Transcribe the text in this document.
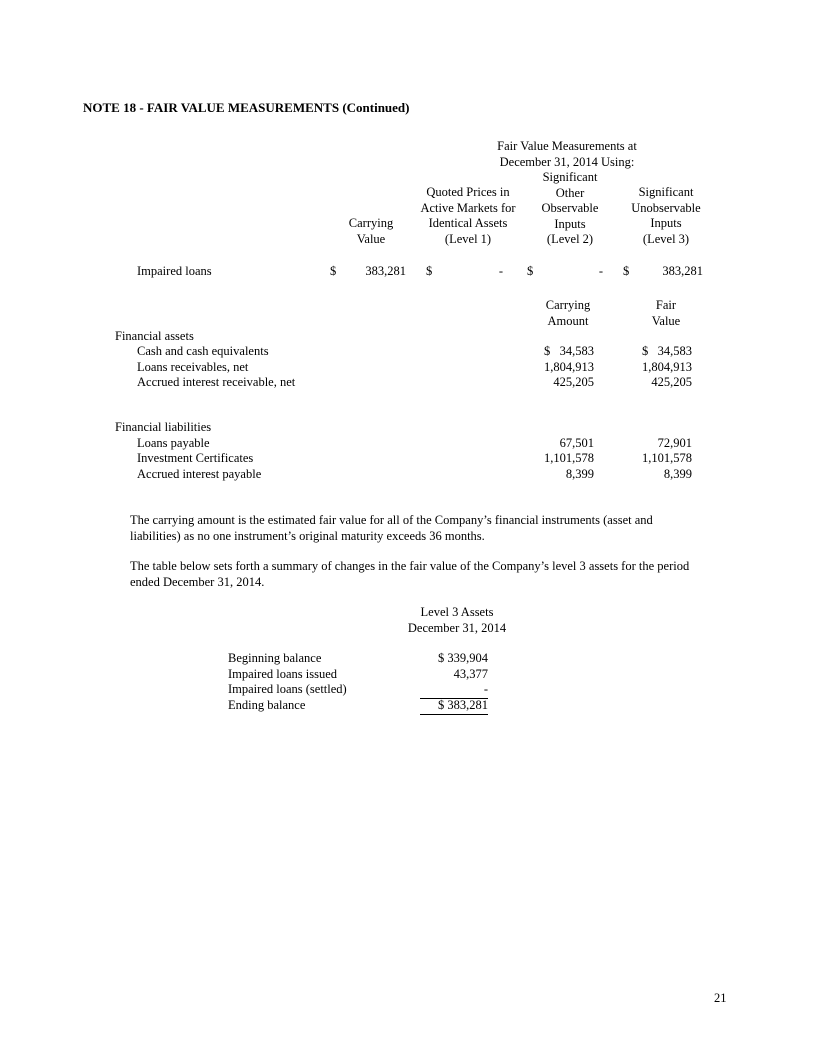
NOTE 18 - FAIR VALUE MEASUREMENTS (Continued)
Fair Value Measurements at
December 31, 2014 Using:
Carrying
Value
Quoted Prices in
Active Markets for
Identical Assets
(Level 1)
Significant
Other
Observable
Inputs
(Level 2)
Significant
Unobservable
Inputs
(Level 3)
Impaired loans	$ 383,281 $	- $	- $	383,281
Carrying
Amount
Fair
Value
Financial assets
Cash and cash equivalents	$   34,583	$   34,583
Loans receivables, net	1,804,913	1,804,913
Accrued interest receivable, net	425,205	425,205
Financial liabilities
Loans payable	67,501	72,901
Investment Certificates	1,101,578	1,101,578
Accrued interest payable	8,399	8,399
The carrying amount is the estimated fair value for all of the Company’s financial instruments (asset and liabilities) as no one instrument’s original maturity exceeds 36 months.
The table below sets forth a summary of changes in the fair value of the Company’s level 3 assets for the period ended December 31, 2014.
Level 3 Assets
December 31, 2014
Beginning balance	$ 339,904
Impaired loans issued	43,377
Impaired loans (settled)	-
Ending balance	$ 383,281
21
